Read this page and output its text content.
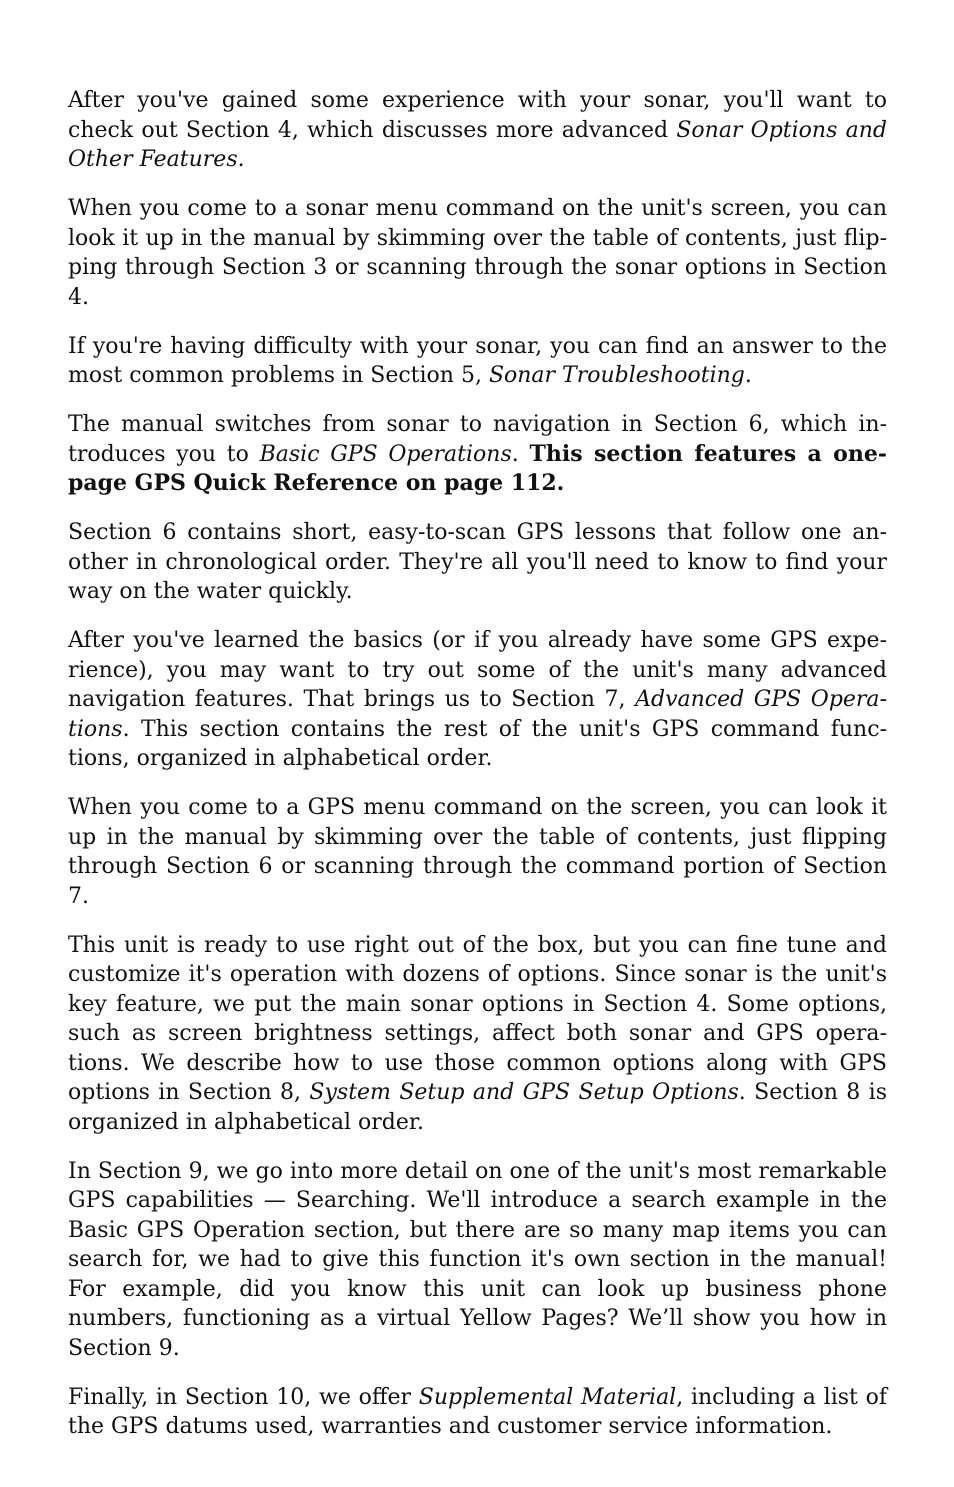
After you've gained some experience with your sonar, you'll want to check out Section 4, which discusses more advanced Sonar Options and Other Features.

When you come to a sonar menu command on the unit's screen, you can look it up in the manual by skimming over the table of contents, just flipping through Section 3 or scanning through the sonar options in Section 4.

If you're having difficulty with your sonar, you can find an answer to the most common problems in Section 5, Sonar Troubleshooting.

The manual switches from sonar to navigation in Section 6, which introduces you to Basic GPS Operations. This section features a one-page GPS Quick Reference on page 112.

Section 6 contains short, easy-to-scan GPS lessons that follow one another in chronological order. They're all you'll need to know to find your way on the water quickly.

After you've learned the basics (or if you already have some GPS experience), you may want to try out some of the unit's many advanced navigation features. That brings us to Section 7, Advanced GPS Operations. This section contains the rest of the unit's GPS command functions, organized in alphabetical order.

When you come to a GPS menu command on the screen, you can look it up in the manual by skimming over the table of contents, just flipping through Section 6 or scanning through the command portion of Section 7.

This unit is ready to use right out of the box, but you can fine tune and customize it's operation with dozens of options. Since sonar is the unit's key feature, we put the main sonar options in Section 4. Some options, such as screen brightness settings, affect both sonar and GPS operations. We describe how to use those common options along with GPS options in Section 8, System Setup and GPS Setup Options. Section 8 is organized in alphabetical order.

In Section 9, we go into more detail on one of the unit's most remarkable GPS capabilities — Searching. We'll introduce a search example in the Basic GPS Operation section, but there are so many map items you can search for, we had to give this function it's own section in the manual! For example, did you know this unit can look up business phone numbers, functioning as a virtual Yellow Pages? We’ll show you how in Section 9.

Finally, in Section 10, we offer Supplemental Material, including a list of the GPS datums used, warranties and customer service information.
